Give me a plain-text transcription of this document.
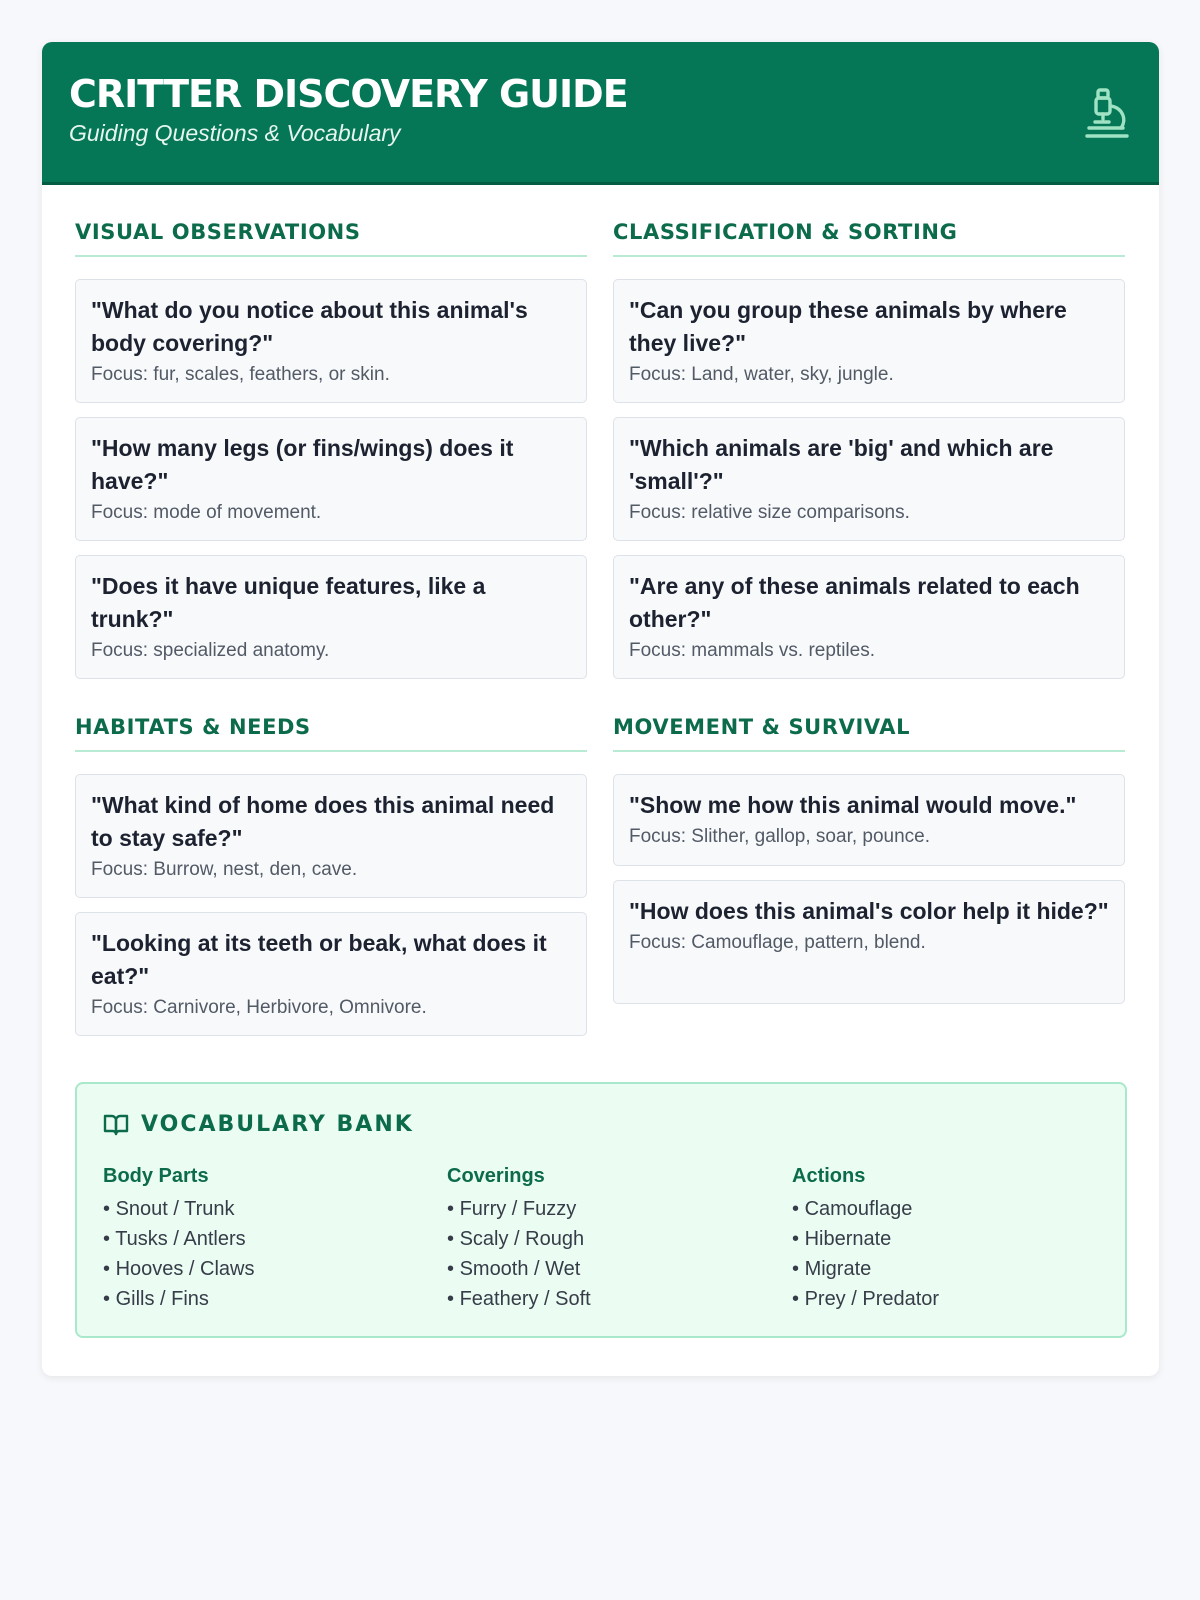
CRITTER DISCOVERY GUIDE
Guiding Questions & Vocabulary
VISUAL OBSERVATIONS
"What do you notice about this animal's body covering?"
Focus: fur, scales, feathers, or skin.
"How many legs (or fins/wings) does it have?"
Focus: mode of movement.
"Does it have unique features, like a trunk?"
Focus: specialized anatomy.
CLASSIFICATION & SORTING
"Can you group these animals by where they live?"
Focus: Land, water, sky, jungle.
"Which animals are 'big' and which are 'small'?"
Focus: relative size comparisons.
"Are any of these animals related to each other?"
Focus: mammals vs. reptiles.
HABITATS & NEEDS
"What kind of home does this animal need to stay safe?"
Focus: Burrow, nest, den, cave.
"Looking at its teeth or beak, what does it eat?"
Focus: Carnivore, Herbivore, Omnivore.
MOVEMENT & SURVIVAL
"Show me how this animal would move."
Focus: Slither, gallop, soar, pounce.
"How does this animal's color help it hide?"
Focus: Camouflage, pattern, blend.
VOCABULARY BANK
Body Parts
• Snout / Trunk
• Tusks / Antlers
• Hooves / Claws
• Gills / Fins
Coverings
• Furry / Fuzzy
• Scaly / Rough
• Smooth / Wet
• Feathery / Soft
Actions
• Camouflage
• Hibernate
• Migrate
• Prey / Predator
